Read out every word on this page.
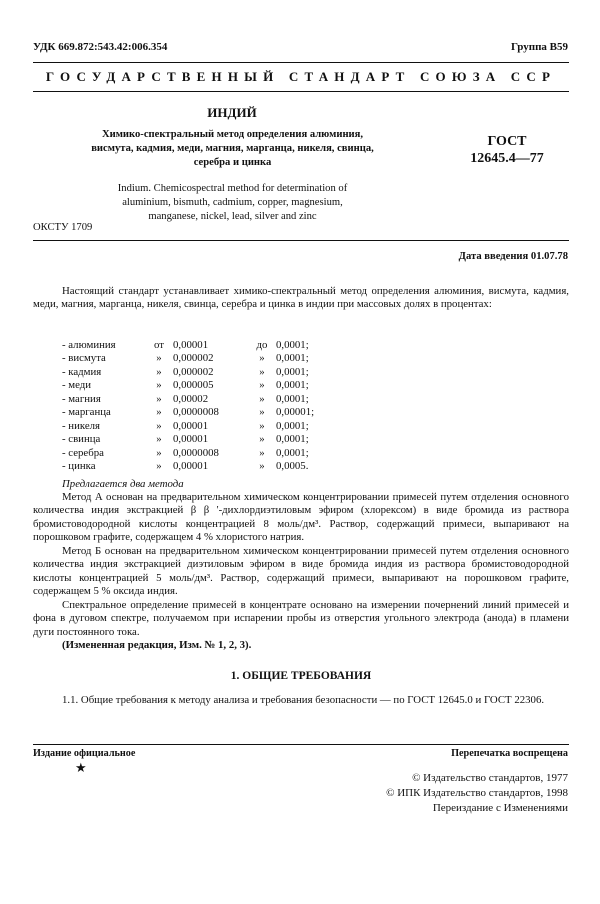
УДК 669.872:543.42:006.354	Группа В59
ГОСУДАРСТВЕННЫЙ СТАНДАРТ СОЮЗА ССР
ИНДИЙ
Химико-спектральный метод определения алюминия, висмута, кадмия, меди, магния, марганца, никеля, свинца, серебра и цинка
ГОСТ
12645.4—77
Indium. Chemicospectral method for determination of aluminium, bismuth, cadmium, copper, magnesium, manganese, nickel, lead, silver and zinc
ОКСТУ 1709
Дата введения 01.07.78
Настоящий стандарт устанавливает химико-спектральный метод определения алюминия, висмута, кадмия, меди, магния, марганца, никеля, свинца, серебра и цинка в индии при массовых долях в процентах:
- алюминия	от 0,00001	до 0,0001;
- висмута	»	0,000002	»	0,0001;
- кадмия	»	0,000002	»	0,0001;
- меди	»	0,000005	»	0,0001;
- магния	»	0,00002	»	0,0001;
- марганца	»	0,0000008	»	0,00001;
- никеля	»	0,00001	»	0,0001;
- свинца	»	0,00001	»	0,0001;
- серебра	»	0,0000008	»	0,0001;
- цинка	»	0,00001	»	0,0005.
Предлагается два метода
Метод А основан на предварительном химическом концентрировании примесей путем отделения основного количества индия экстракцией β β '-дихлордиэтиловым эфиром (хлорексом) в виде бромида из раствора бромистоводородной кислоты концентрацией 8 моль/дм³. Раствор, содержащий примеси, выпаривают на порошковом графите, содержащем 4 % хлористого натрия.
Метод Б основан на предварительном химическом концентрировании примесей путем отделения основного количества индия экстракцией диэтиловым эфиром в виде бромида индия из раствора бромистоводородной кислоты концентрацией 5 моль/дм³. Раствор, содержащий примеси, выпаривают на порошковом графите, содержащем 5 % оксида индия.
Спектральное определение примесей в концентрате основано на измерении почернений линий примесей и фона в дуговом спектре, получаемом при испарении пробы из отверстия угольного электрода (анода) в пламени дуги постоянного тока.
(Измененная редакция, Изм. № 1, 2, 3).
1. ОБЩИЕ ТРЕБОВАНИЯ
1.1. Общие требования к методу анализа и требования безопасности — по ГОСТ 12645.0 и ГОСТ 22306.
Издание официальное	Перепечатка воспрещена
★
© Издательство стандартов, 1977
© ИПК Издательство стандартов, 1998
Переиздание с Изменениями
